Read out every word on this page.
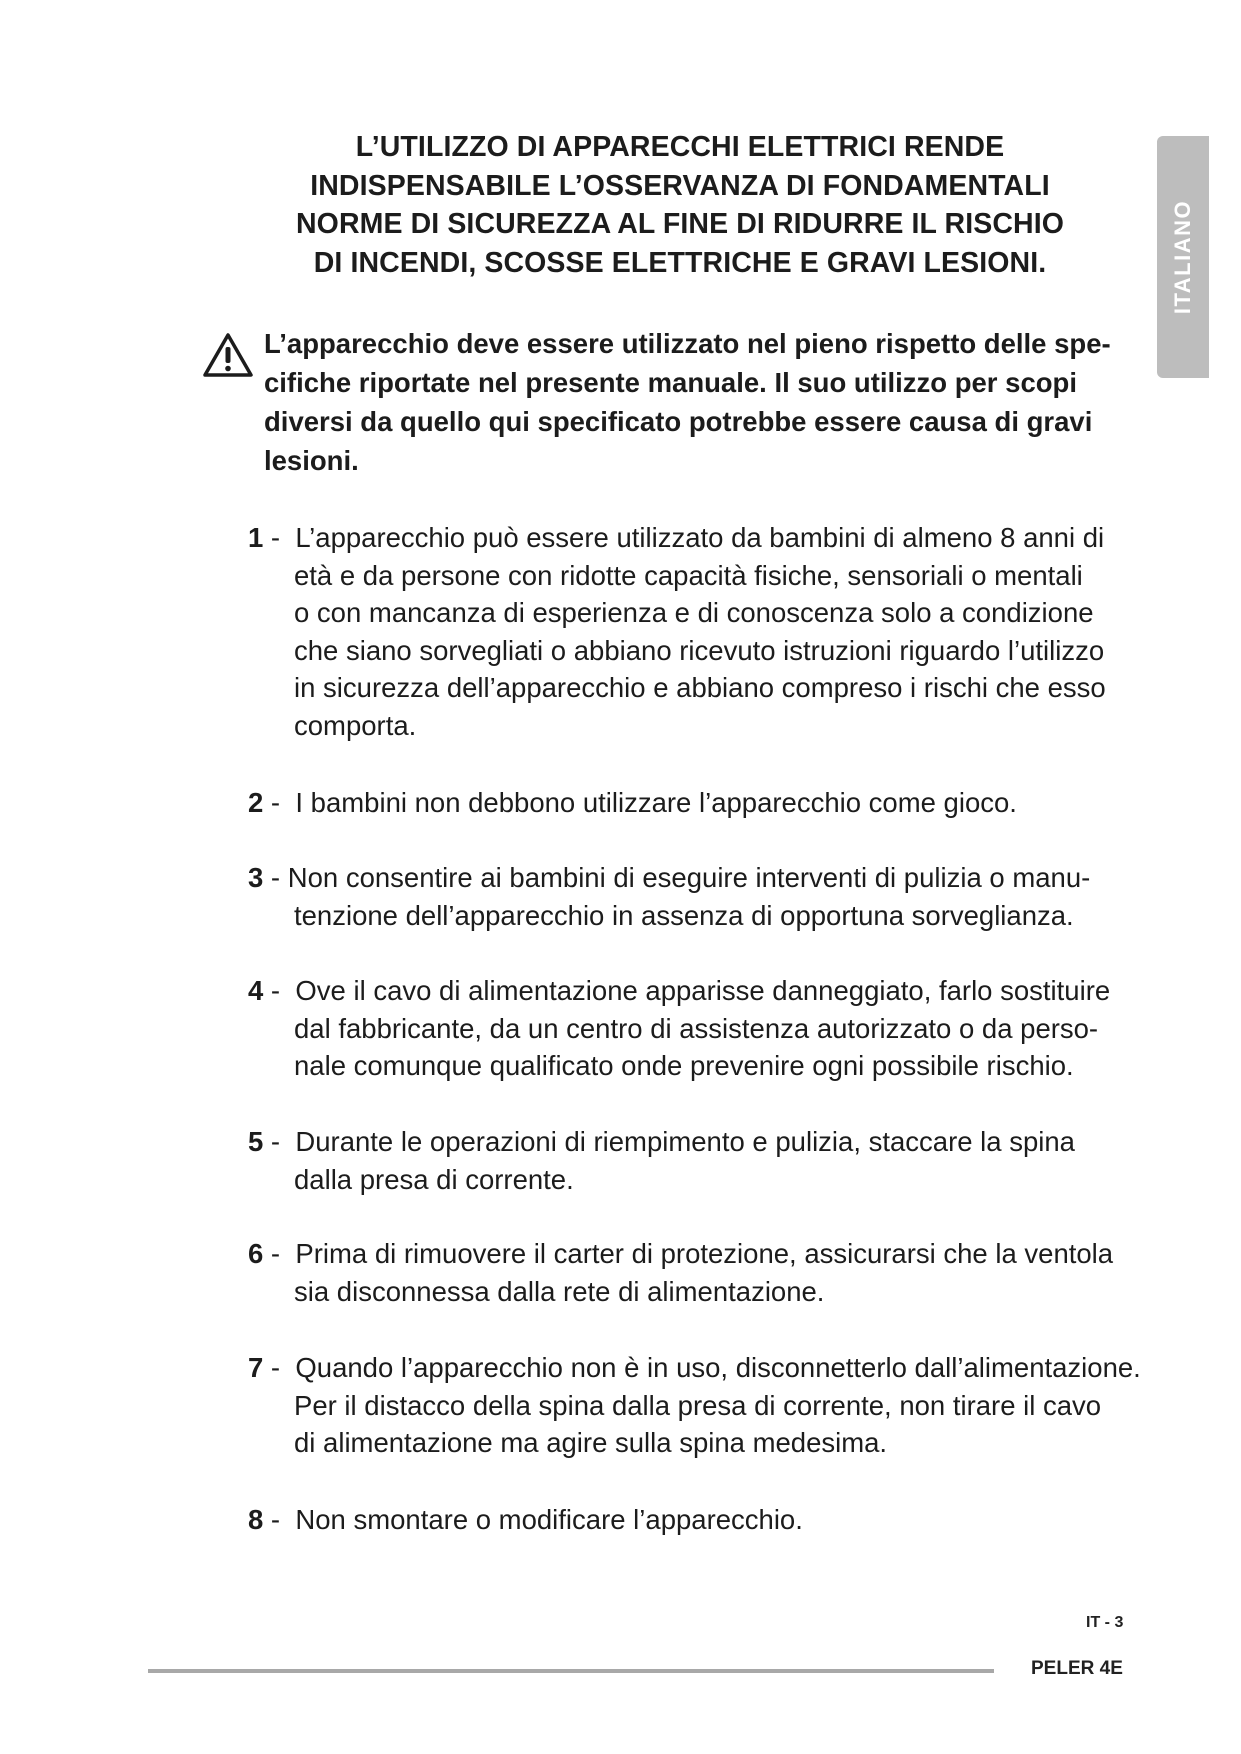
L’UTILIZZO DI APPARECCHI ELETTRICI RENDE
INDISPENSABILE L’OSSERVANZA DI FONDAMENTALI
NORME DI SICUREZZA AL FINE DI RIDURRE IL RISCHIO
DI INCENDI, SCOSSE ELETTRICHE E GRAVI LESIONI.	ITALIANO
L’apparecchio deve essere utilizzato nel pieno rispetto delle spe-
cifiche riportate nel presente manuale. Il suo utilizzo per scopi
diversi da quello qui specificato potrebbe essere causa di gravi
lesioni.
1 -  L’apparecchio può essere utilizzato da bambini di almeno 8 anni di
età e da persone con ridotte capacità fisiche, sensoriali o mentali
o con mancanza di esperienza e di conoscenza solo a condizione
che siano sorvegliati o abbiano ricevuto istruzioni riguardo l’utilizzo
in sicurezza dell’apparecchio e abbiano compreso i rischi che esso
comporta.
2 -  I bambini non debbono utilizzare l’apparecchio come gioco.
3 - Non consentire ai bambini di eseguire interventi di pulizia o manu-
tenzione dell’apparecchio in assenza di opportuna sorveglianza.
4 -  Ove il cavo di alimentazione apparisse danneggiato, farlo sostituire
dal fabbricante, da un centro di assistenza autorizzato o da perso-
nale comunque qualificato onde prevenire ogni possibile rischio.
5 -  Durante le operazioni di riempimento e pulizia, staccare la spina
dalla presa di corrente.
6 -  Prima di rimuovere il carter di protezione, assicurarsi che la ventola
sia disconnessa dalla rete di alimentazione.
7 -  Quando l’apparecchio non è in uso, disconnetterlo dall’alimentazione.
Per il distacco della spina dalla presa di corrente, non tirare il cavo
di alimentazione ma agire sulla spina medesima.
8 -  Non smontare o modificare l’apparecchio.
IT - 3
PELER 4E
